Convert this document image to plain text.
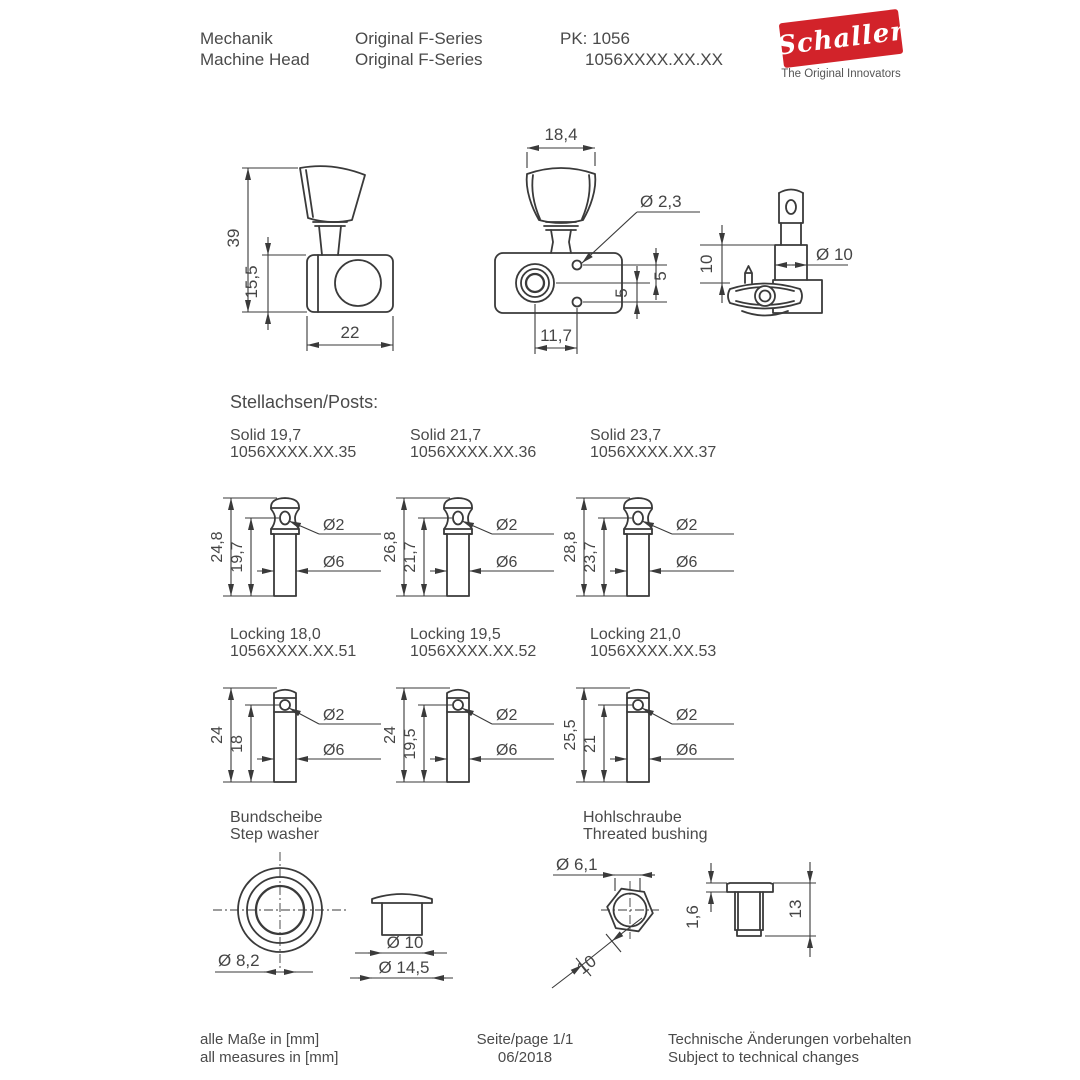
Mechanik
Machine Head
Original F-Series
Original F-Series
PK: 1056
1056XXXX.XX.XX Schaller
The Original Innovators
39
15,5
22
18,4
Ø 2,3
5
5
11,7
10	Ø 10
Stellachsen/Posts:
Solid 19,7
1056XXXX.XX.35
Solid 21,7
1056XXXX.XX.36
Solid 23,7
1056XXXX.XX.37
24,8 19,7
Ø2
Ø6 26,8 21,7
Ø2
Ø6	28,8 23,7
Ø2
Ø6
Locking 18,0
1056XXXX.XX.51
Locking 19,5
1056XXXX.XX.52
Locking 21,0
1056XXXX.XX.53
24
18
Ø2
Ø6
24 19,5
Ø2
Ø6	25,5 21
Ø2
Ø6
Bundscheibe
Step washer
Hohlschraube
Threated bushing
Ø 8,2
Ø 10
Ø 14,5
Ø 6,1
10
1,6	13
alle Maße in [mm]
all measures in [mm]
Seite/page 1/1
06/2018
Technische Änderungen vorbehalten
Subject to technical changes
